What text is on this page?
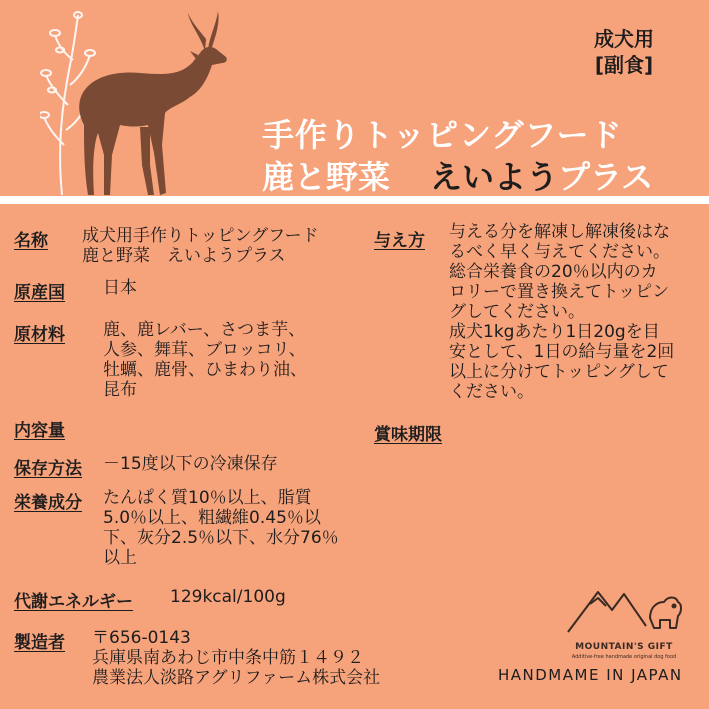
成犬用
[副食]
手作りトッピングフード
鹿と野菜 えいようプラス
名称 成犬用手作りトッピングフード
鹿と野菜　えいようプラス
原産国 日本
原材料 鹿、鹿レバー、さつま芋、
人参、舞茸、ブロッコリ、
牡蠣、鹿骨、ひまわり油、
昆布
内容量
保存方法 －15度以下の冷凍保存
栄養成分 たんぱく質10％以上、脂質
5.0％以上、粗繊維0.45％以
下、灰分2.5％以下、水分76％
以上
代謝エネルギー 129kcal/100g
製造者 〒656-0143
兵庫県南あわじ市中条中筋１４９２
農業法人淡路アグリファーム株式会社
与え方 与える分を解凍し解凍後はな
るべく早く与えてください。
総合栄養食の20％以内のカ
ロリーで置き換えてトッピン
グしてください。
成犬1kgあたり1日20gを目
安として、1日の給与量を2回
以上に分けてトッピングして
ください。
賞味期限
MOUNTAIN'S GIFT
Additive-free handmade original dog food
HANDMAME IN JAPAN
